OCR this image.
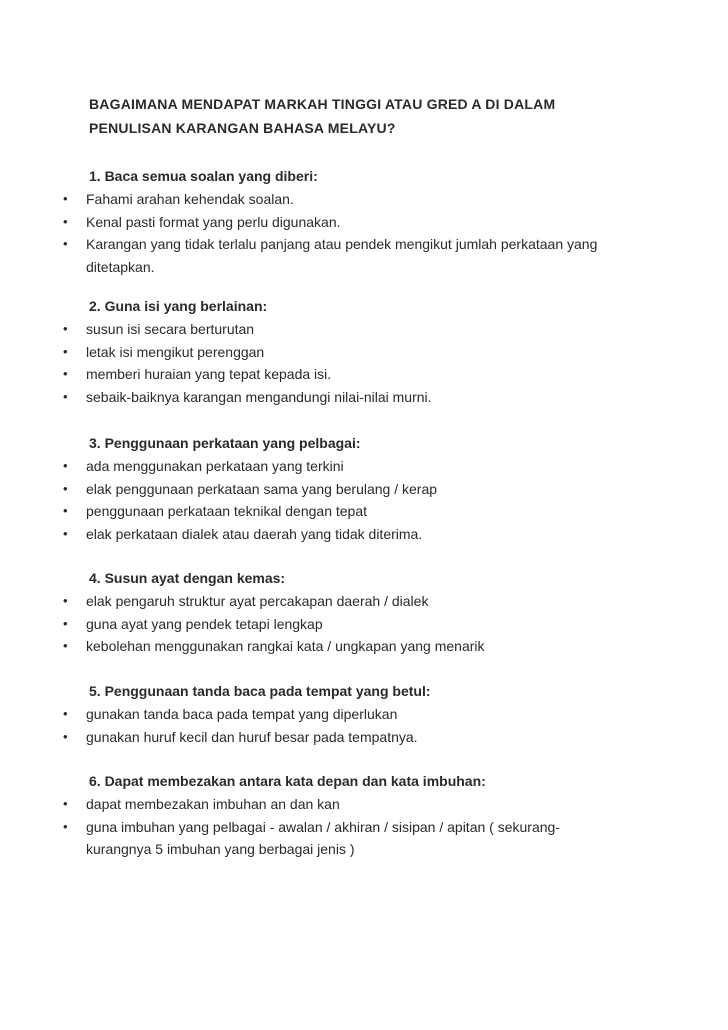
BAGAIMANA MENDAPAT MARKAH TINGGI ATAU GRED A DI DALAM
PENULISAN KARANGAN BAHASA MELAYU?
1. Baca semua soalan yang diberi:
• Fahami arahan kehendak soalan.
• Kenal pasti format yang perlu digunakan.
• Karangan yang tidak terlalu panjang atau pendek mengikut jumlah perkataan yang
ditetapkan.
2. Guna isi yang berlainan:
• susun isi secara berturutan
• letak isi mengikut perenggan
• memberi huraian yang tepat kepada isi.
• sebaik-baiknya karangan mengandungi nilai-nilai murni.
3. Penggunaan perkataan yang pelbagai:
• ada menggunakan perkataan yang terkini
• elak penggunaan perkataan sama yang berulang / kerap
• penggunaan perkataan teknikal dengan tepat
• elak perkataan dialek atau daerah yang tidak diterima.
4. Susun ayat dengan kemas:
• elak pengaruh struktur ayat percakapan daerah / dialek
• guna ayat yang pendek tetapi lengkap
• kebolehan menggunakan rangkai kata / ungkapan yang menarik
5. Penggunaan tanda baca pada tempat yang betul:
• gunakan tanda baca pada tempat yang diperlukan
• gunakan huruf kecil dan huruf besar pada tempatnya.
6. Dapat membezakan antara kata depan dan kata imbuhan:
• dapat membezakan imbuhan an dan kan
• guna imbuhan yang pelbagai - awalan / akhiran / sisipan / apitan ( sekurang-
kurangnya 5 imbuhan yang berbagai jenis )
